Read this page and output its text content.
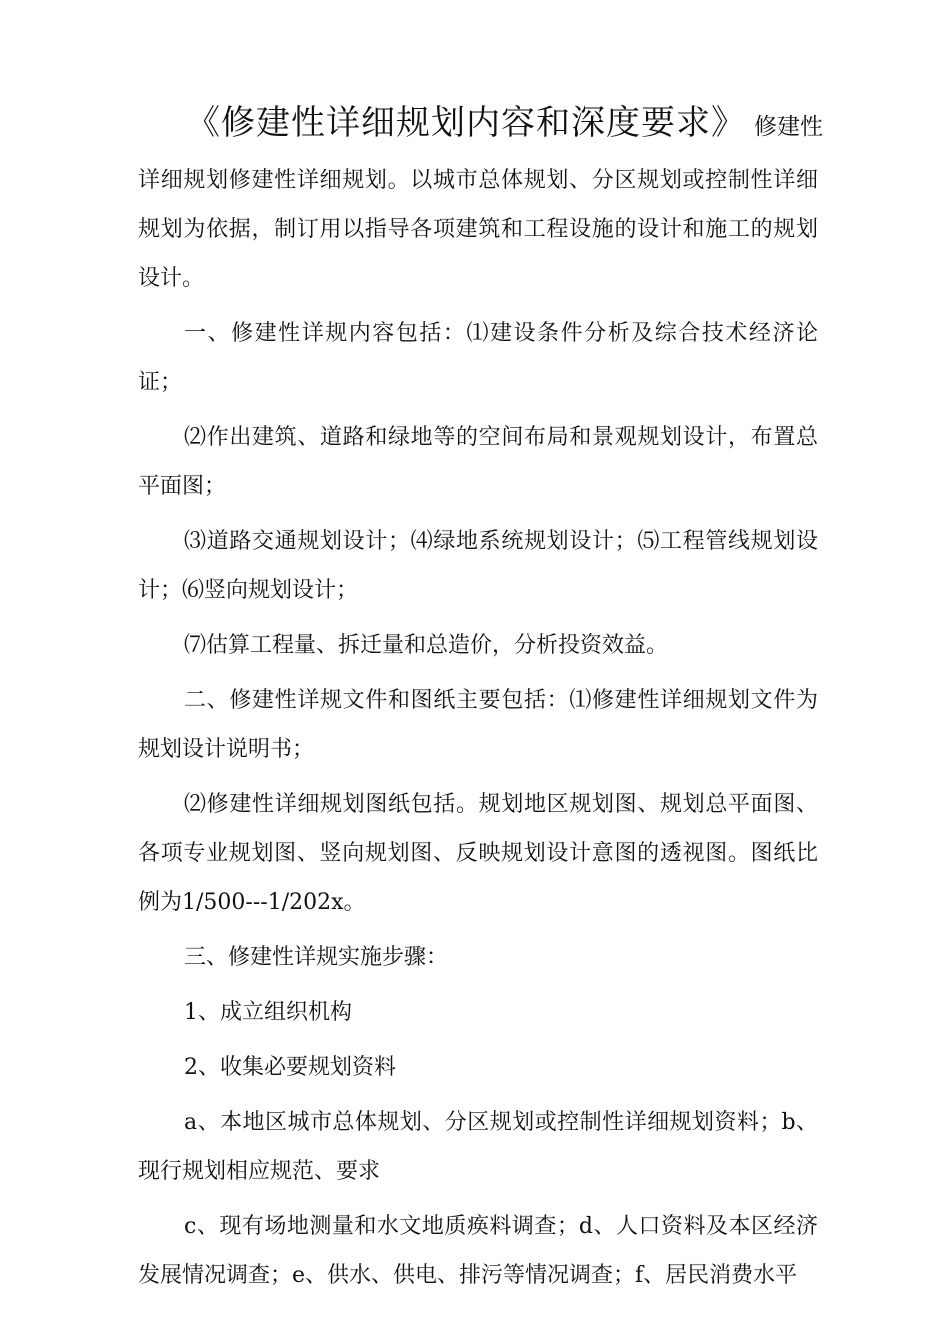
《修建性详细规划内容和深度要求》 修建性

详细规划修建性详细规划。以城市总体规划、分区规划或控制性详细规划为依据，制订用以指导各项建筑和工程设施的设计和施工的规划设计。

一、修建性详规内容包括：⑴建设条件分析及综合技术经济论证；

⑵作出建筑、道路和绿地等的空间布局和景观规划设计，布置总平面图；

⑶道路交通规划设计；⑷绿地系统规划设计；⑸工程管线规划设计；⑹竖向规划设计；

⑺估算工程量、拆迁量和总造价，分析投资效益。

二、修建性详规文件和图纸主要包括：⑴修建性详细规划文件为规划设计说明书；

⑵修建性详细规划图纸包括。规划地区规划图、规划总平面图、各项专业规划图、竖向规划图、反映规划设计意图的透视图。图纸比例为1/500---1/202x。

三、修建性详规实施步骤：

1、成立组织机构

2、收集必要规划资料

a、本地区城市总体规划、分区规划或控制性详细规划资料；b、现行规划相应规范、要求

c、现有场地测量和水文地质痪料调查；d、人口资料及本区经济发展情况调查；e、供水、供电、排污等情况调查；f、居民消费水平
